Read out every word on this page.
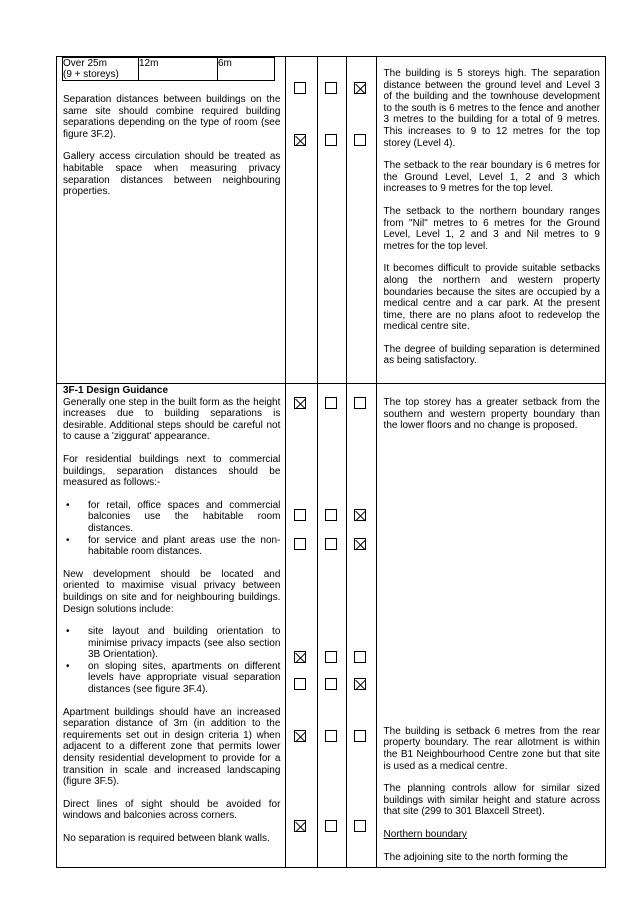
Over 25m
(9 + storeys)	12m	6m

Separation distances between buildings on the same site should combine required building separations depending on the type of room (see figure 3F.2).

Gallery access circulation should be treated as habitable space when measuring privacy separation distances between neighbouring properties.

The building is 5 storeys high. The separation distance between the ground level and Level 3 of the building and the townhouse development to the south is 6 metres to the fence and another 3 metres to the building for a total of 9 metres. This increases to 9 to 12 metres for the top storey (Level 4).

The setback to the rear boundary is 6 metres for the Ground Level, Level 1, 2 and 3 which increases to 9 metres for the top level.

The setback to the northern boundary ranges from "Nil" metres to 6 metres for the Ground Level, Level 1, 2 and 3 and Nil metres to 9 metres for the top level.

It becomes difficult to provide suitable setbacks along the northern and western property boundaries because the sites are occupied by a medical centre and a car park. At the present time, there are no plans afoot to redevelop the medical centre site.

The degree of building separation is determined as being satisfactory.

3F-1 Design Guidance

Generally one step in the built form as the height increases due to building separations is desirable. Additional steps should be careful not to cause a 'ziggurat' appearance.

For residential buildings next to commercial buildings, separation distances should be measured as follows:-

• for retail, office spaces and commercial balconies use the habitable room distances.
• for service and plant areas use the non-habitable room distances.

New development should be located and oriented to maximise visual privacy between buildings on site and for neighbouring buildings. Design solutions include:

• site layout and building orientation to minimise privacy impacts (see also section 3B Orientation).
• on sloping sites, apartments on different levels have appropriate visual separation distances (see figure 3F.4).

Apartment buildings should have an increased separation distance of 3m (in addition to the requirements set out in design criteria 1) when adjacent to a different zone that permits lower density residential development to provide for a transition in scale and increased landscaping (figure 3F.5).

Direct lines of sight should be avoided for windows and balconies across corners.

No separation is required between blank walls.

The top storey has a greater setback from the southern and western property boundary than the lower floors and no change is proposed.

The building is setback 6 metres from the rear property boundary. The rear allotment is within the B1 Neighbourhood Centre zone but that site is used as a medical centre.

The planning controls allow for similar sized buildings with similar height and stature across that site (299 to 301 Blaxcell Street).

Northern boundary

The adjoining site to the north forming the
